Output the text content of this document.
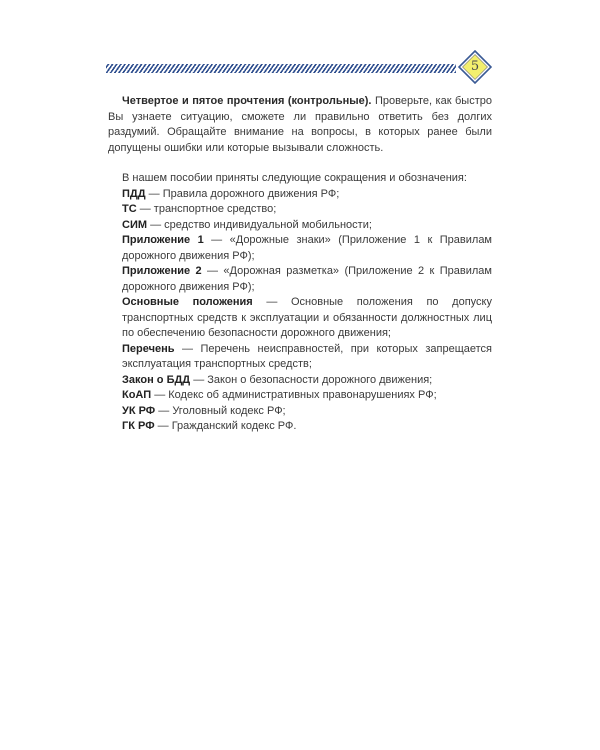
5

Четвертое и пятое прочтения (контрольные). Проверьте, как быстро Вы узнаете ситуацию, сможете ли правильно ответить без долгих раздумий. Обращайте внимание на вопросы, в которых ранее были допущены ошибки или которые вызывали сложность.

В нашем пособии приняты следующие сокращения и обозначения:

ПДД — Правила дорожного движения РФ;

ТС — транспортное средство;

СИМ — средство индивидуальной мобильности;

Приложение 1 — «Дорожные знаки» (Приложение 1 к Правилам дорожного движения РФ);

Приложение 2 — «Дорожная разметка» (Приложение 2 к Правилам дорожного движения РФ);

Основные положения — Основные положения по допуску транспортных средств к эксплуатации и обязанности должностных лиц по обеспечению безопасности дорожного движения;

Перечень — Перечень неисправностей, при которых запрещается эксплуатация транспортных средств;

Закон о БДД — Закон о безопасности дорожного движения;

КоАП — Кодекс об административных правонарушениях РФ;

УК РФ — Уголовный кодекс РФ;

ГК РФ — Гражданский кодекс РФ.
